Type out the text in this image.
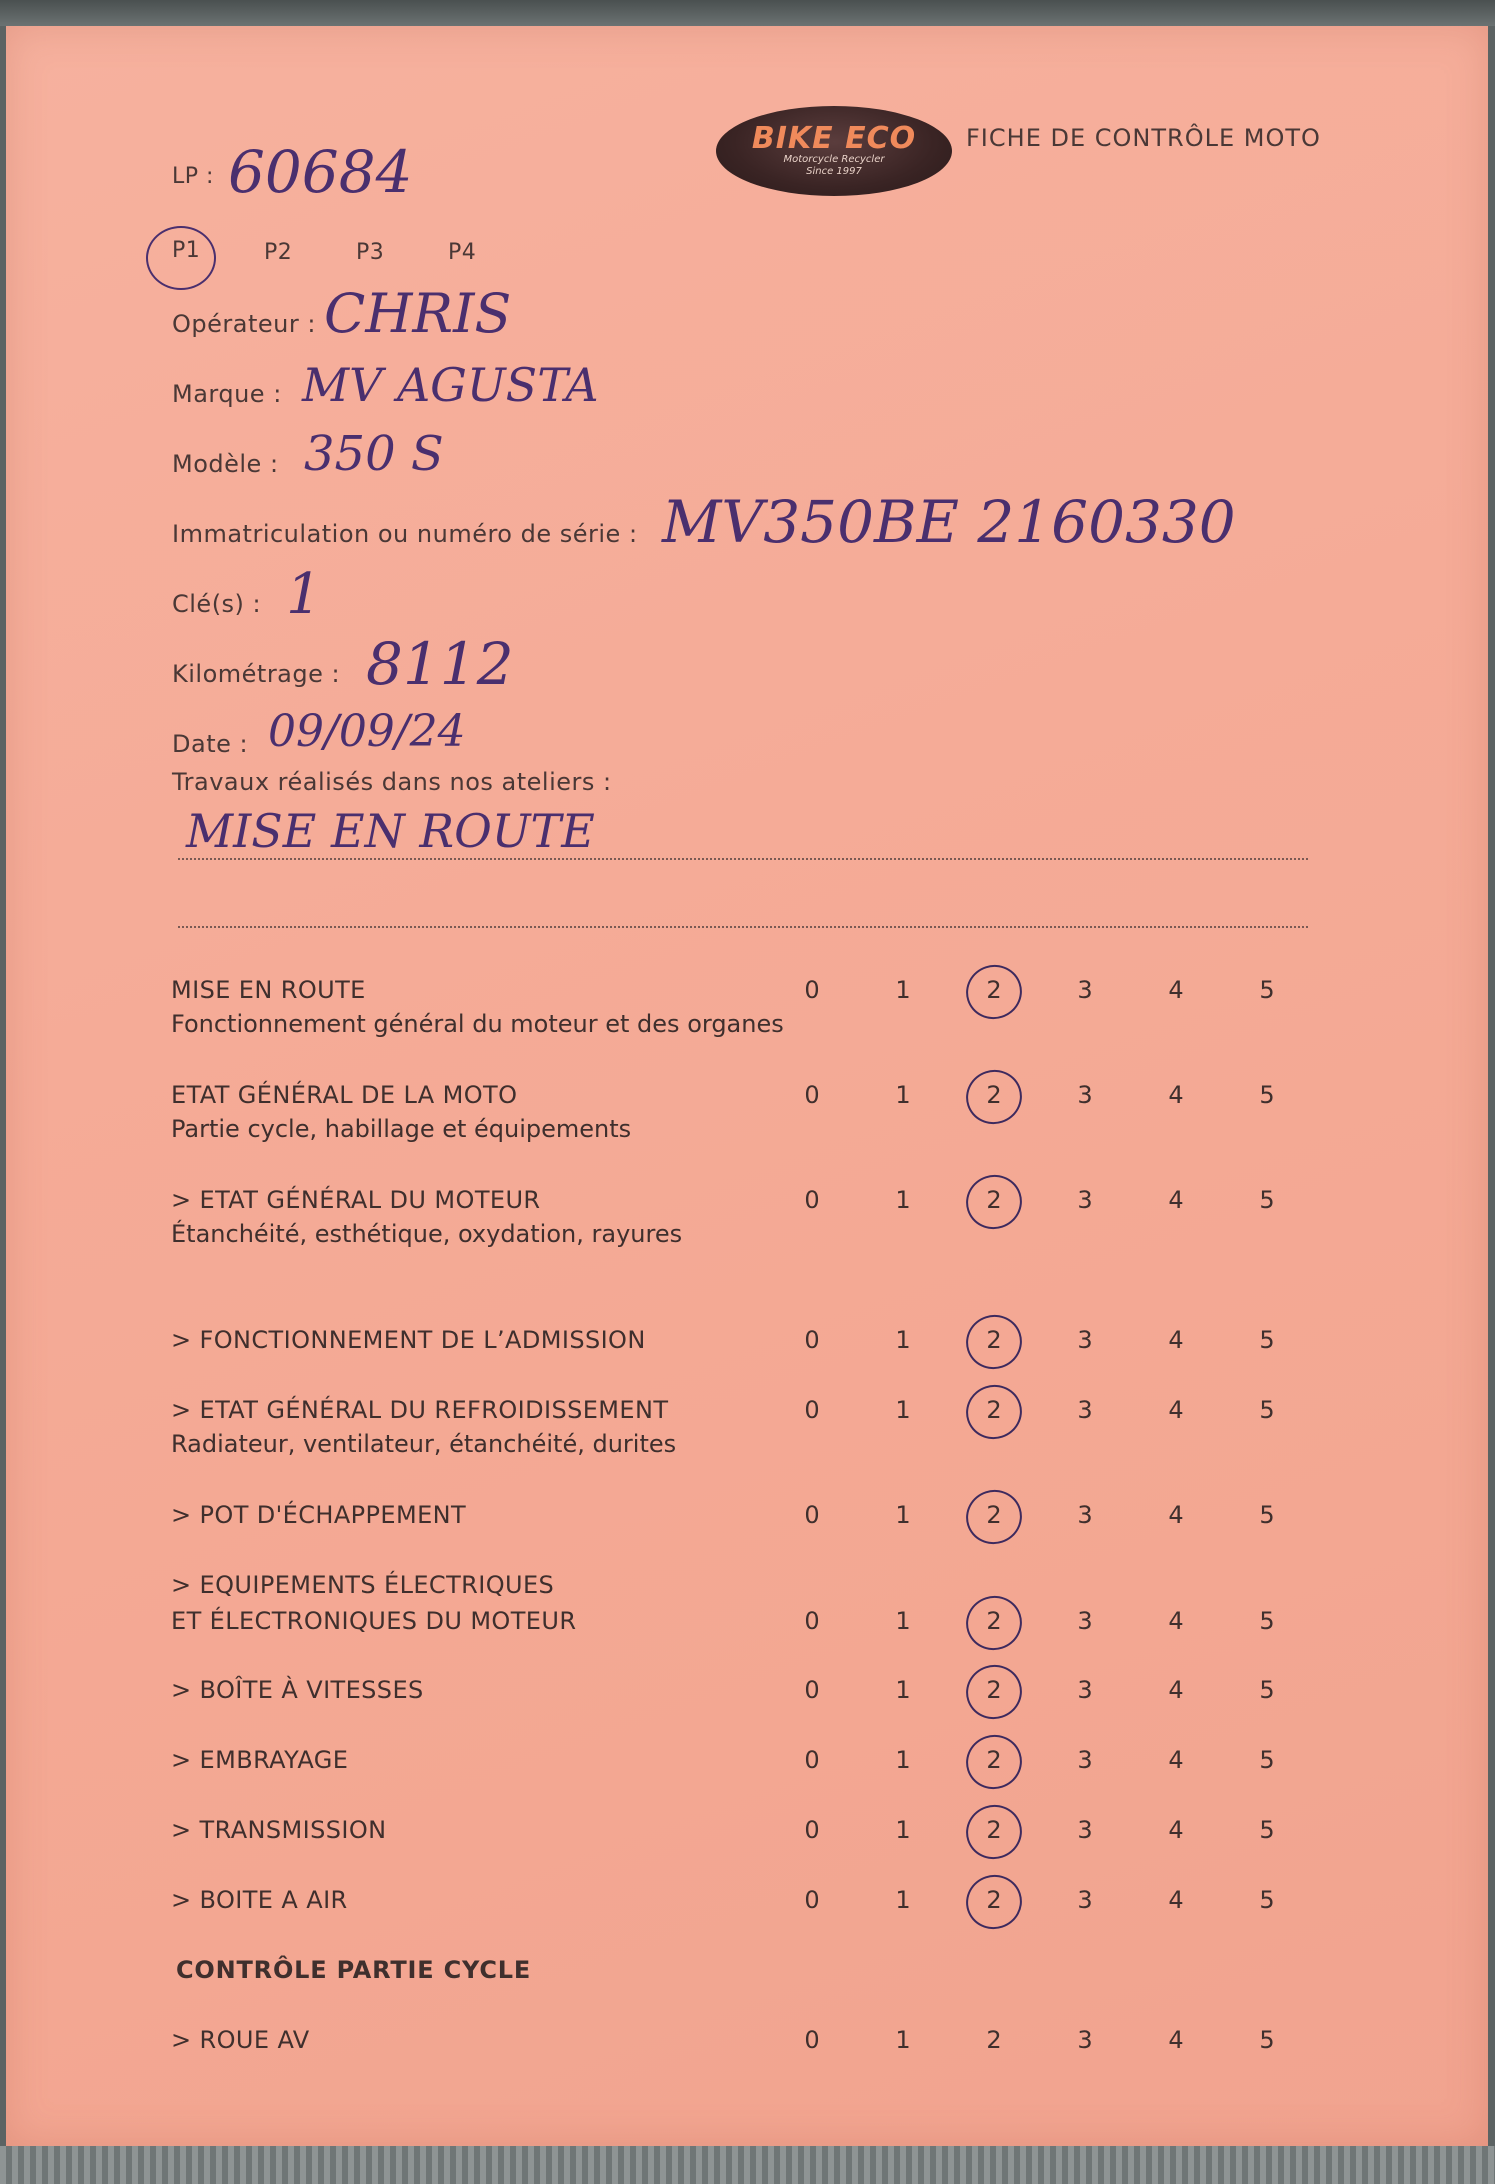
BIKE ECO
Motorcycle Recycler
Since 1997
FICHE DE CONTRÔLE MOTO
LP : 60684
P1	P2	P3	P4
Opérateur : CHRIS
Marque : MV AGUSTA
Modèle : 350 S
Immatriculation ou numéro de série : MV350BE 2160330
Clé(s) : 1
Kilométrage : 8112
Date : 09/09/24
Travaux réalisés dans nos ateliers :
MISE EN ROUTE
MISE EN ROUTE
Fonctionnement général du moteur et des organes
0	1	2	3	4	5
ETAT GÉNÉRAL DE LA MOTO
Partie cycle, habillage et équipements
0	1	2	3	4	5
> ETAT GÉNÉRAL DU MOTEUR
Étanchéité, esthétique, oxydation, rayures
0	1	2	3	4	5
> FONCTIONNEMENT DE L’ADMISSION	0	1	2	3	4	5
> ETAT GÉNÉRAL DU REFROIDISSEMENT
Radiateur, ventilateur, étanchéité, durites
0	1	2	3	4	5
> POT D'ÉCHAPPEMENT	0	1	2	3	4	5
> EQUIPEMENTS ÉLECTRIQUES
ET ÉLECTRONIQUES DU MOTEUR	0	1	2	3	4	5
> BOÎTE À VITESSES	0	1	2	3	4	5
> EMBRAYAGE	0	1	2	3	4	5
> TRANSMISSION	0	1	2	3	4	5
> BOITE A AIR	0	1	2	3	4	5
CONTRÔLE PARTIE CYCLE
> ROUE AV	0	1	2	3	4	5
